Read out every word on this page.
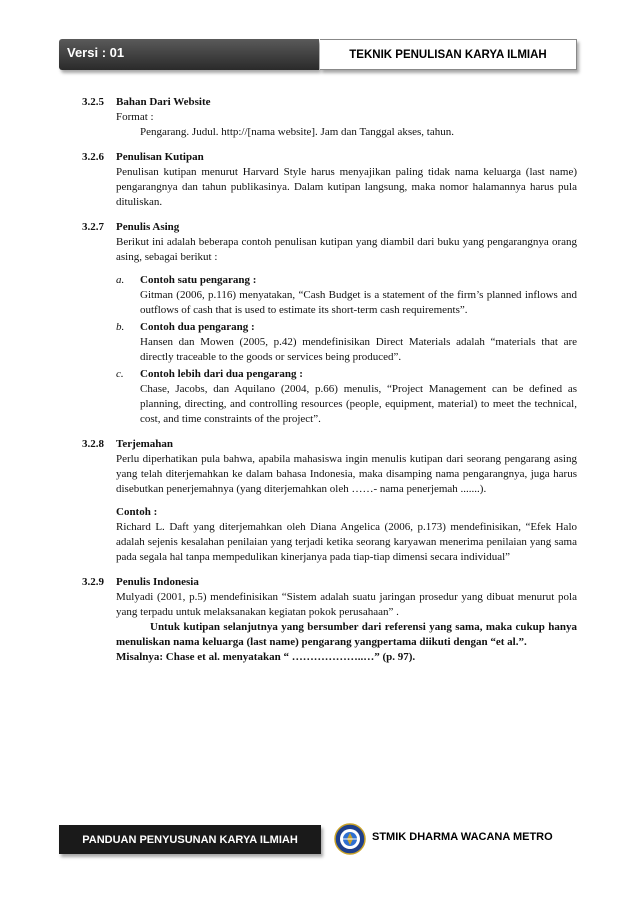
Versi : 01	TEKNIK PENULISAN KARYA ILMIAH
3.2.5 Bahan Dari Website
Format :
Pengarang. Judul. http://[nama website]. Jam dan Tanggal akses, tahun.
3.2.6 Penulisan Kutipan
Penulisan kutipan menurut Harvard Style harus menyajikan paling tidak nama keluarga (last name) pengarangnya dan tahun publikasinya. Dalam kutipan langsung, maka nomor halamannya harus pula dituliskan.
3.2.7 Penulis Asing
Berikut ini adalah beberapa contoh penulisan kutipan yang diambil dari buku yang pengarangnya orang asing, sebagai berikut :
a.	Contoh satu pengarang :
Gitman (2006, p.116) menyatakan, “Cash Budget is a statement of the firm’s planned inflows and outflows of cash that is used to estimate its short-term cash requirements”.
b.	Contoh dua pengarang :
Hansen dan Mowen (2005, p.42) mendefinisikan Direct Materials adalah “materials that are directly traceable to the goods or services being produced”.
c.	Contoh lebih dari dua pengarang :
Chase, Jacobs, dan Aquilano (2004, p.66) menulis, “Project Management can be defined as planning, directing, and controlling resources (people, equipment, material) to meet the technical, cost, and time constraints of the project”.
3.2.8 Terjemahan
Perlu diperhatikan pula bahwa, apabila mahasiswa ingin menulis kutipan dari seorang pengarang asing yang telah diterjemahkan ke dalam bahasa Indonesia, maka disamping nama pengarangnya, juga harus disebutkan penerjemahnya (yang diterjemahkan oleh ……- nama penerjemah .......).
Contoh :
Richard L. Daft yang diterjemahkan oleh Diana Angelica (2006, p.173) mendefinisikan, “Efek Halo adalah sejenis kesalahan penilaian yang terjadi ketika seorang karyawan menerima penilaian yang sama pada segala hal tanpa mempedulikan kinerjanya pada tiap-tiap dimensi secara individual”
3.2.9 Penulis Indonesia
Mulyadi (2001, p.5) mendefinisikan “Sistem adalah suatu jaringan prosedur yang dibuat menurut pola yang terpadu untuk melaksanakan kegiatan pokok perusahaan” .
Untuk kutipan selanjutnya yang bersumber dari referensi yang sama, maka cukup hanya menuliskan nama keluarga (last name) pengarang yangpertama diikuti dengan “et al.”.
Misalnya: Chase et al. menyatakan “ ………………..…” (p. 97).
PANDUAN PENYUSUNAN KARYA ILMIAH	STMIK DHARMA WACANA METRO
